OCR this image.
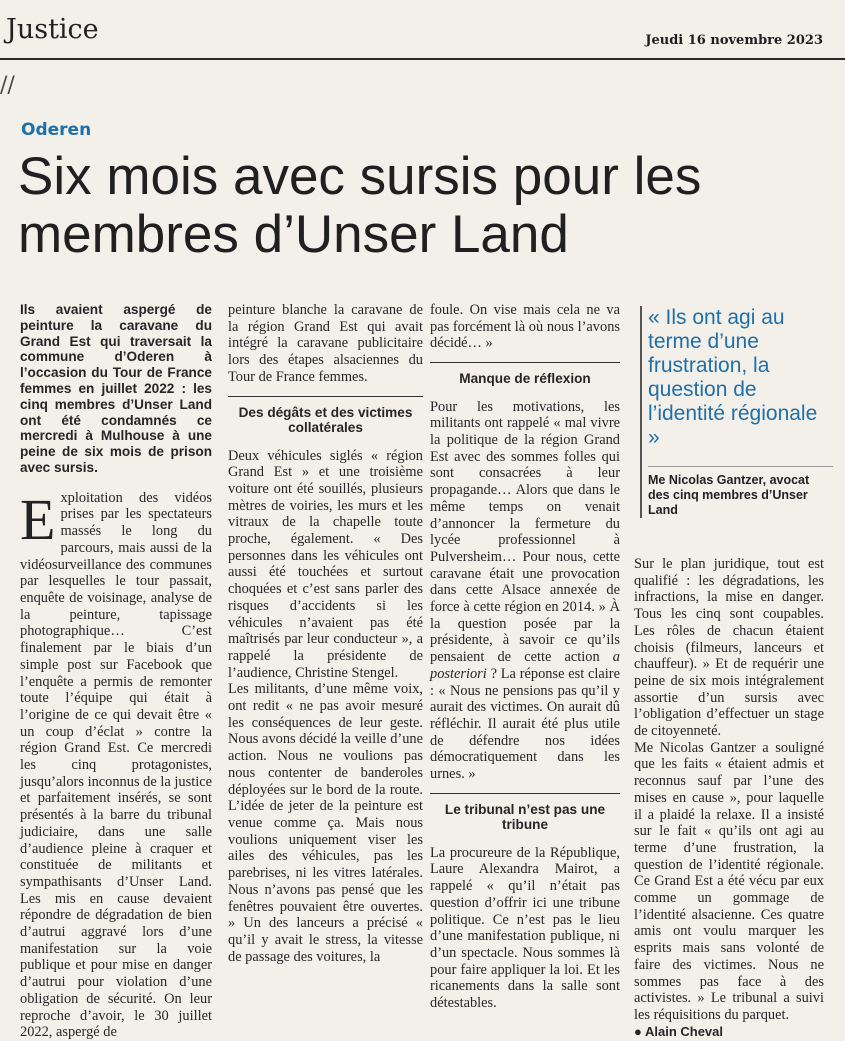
Justice	Jeudi 16 novembre 2023
//
Oderen
Six mois avec sursis pour les membres d’Unser Land

Ils avaient aspergé de peinture la caravane du Grand Est qui traversait la commune d’Oderen à l’occasion du Tour de France femmes en juillet 2022 : les cinq membres d’Unser Land ont été condamnés ce mercredi à Mulhouse à une peine de six mois de prison avec sursis.

Exploitation des vidéos prises par les spectateurs massés le long du parcours, mais aussi de la vidéosurveillance des communes par lesquelles le tour passait, enquête de voisinage, analyse de la peinture, tapissage photographique… C’est finalement par le biais d’un simple post sur Facebook que l’enquête a permis de remonter toute l’équipe qui était à l’origine de ce qui devait être « un coup d’éclat » contre la région Grand Est. Ce mercredi les cinq protagonistes, jusqu’alors inconnus de la justice et parfaitement insérés, se sont présentés à la barre du tribunal judiciaire, dans une salle d’audience pleine à craquer et constituée de militants et sympathisants d’Unser Land. Les mis en cause devaient répondre de dégradation de bien d’autrui aggravé lors d’une manifestation sur la voie publique et pour mise en danger d’autrui pour violation d’une obligation de sécurité. On leur reproche d’avoir, le 30 juillet 2022, aspergé de

peinture blanche la caravane de la région Grand Est qui avait intégré la caravane publicitaire lors des étapes alsaciennes du Tour de France femmes.

Des dégâts et des victimes collatérales

Deux véhicules siglés « région Grand Est » et une troisième voiture ont été souillés, plusieurs mètres de voiries, les murs et les vitraux de la chapelle toute proche, également. « Des personnes dans les véhicules ont aussi été touchées et surtout choquées et c’est sans parler des risques d’accidents si les véhicules n’avaient pas été maîtrisés par leur conducteur », a rappelé la présidente de l’audience, Christine Stengel.

Les militants, d’une même voix, ont redit « ne pas avoir mesuré les conséquences de leur geste. Nous avons décidé la veille d’une action. Nous ne voulions pas nous contenter de banderoles déployées sur le bord de la route. L’idée de jeter de la peinture est venue comme ça. Mais nous voulions uniquement viser les ailes des véhicules, pas les parebrises, ni les vitres latérales. Nous n’avons pas pensé que les fenêtres pouvaient être ouvertes. » Un des lanceurs a précisé « qu’il y avait le stress, la vitesse de passage des voitures, la

foule. On vise mais cela ne va pas forcément là où nous l’avons décidé… »

Manque de réflexion

Pour les motivations, les militants ont rappelé « mal vivre la politique de la région Grand Est avec des sommes folles qui sont consacrées à leur propagande… Alors que dans le même temps on venait d’annoncer la fermeture du lycée professionnel à Pulversheim… Pour nous, cette caravane était une provocation dans cette Alsace annexée de force à cette région en 2014. » À la question posée par la présidente, à savoir ce qu’ils pensaient de cette action a posteriori ? La réponse est claire : « Nous ne pensions pas qu’il y aurait des victimes. On aurait dû réfléchir. Il aurait été plus utile de défendre nos idées démocratiquement dans les urnes. »

Le tribunal n’est pas une tribune

La procureure de la République, Laure Alexandra Mairot, a rappelé « qu’il n’était pas question d’offrir ici une tribune politique. Ce n’est pas le lieu d’une manifestation publique, ni d’un spectacle. Nous sommes là pour faire appliquer la loi. Et les ricanements dans la salle sont détestables.

« Ils ont agi au terme d’une frustration, la question de l’identité régionale »

Me Nicolas Gantzer, avocat des cinq membres d’Unser Land

Sur le plan juridique, tout est qualifié : les dégradations, les infractions, la mise en danger. Tous les cinq sont coupables. Les rôles de chacun étaient choisis (filmeurs, lanceurs et chauffeur). » Et de requérir une peine de six mois intégralement assortie d’un sursis avec l’obligation d’effectuer un stage de citoyenneté.

Me Nicolas Gantzer a souligné que les faits « étaient admis et reconnus sauf par l’une des mises en cause », pour laquelle il a plaidé la relaxe. Il a insisté sur le fait « qu’ils ont agi au terme d’une frustration, la question de l’identité régionale. Ce Grand Est a été vécu par eux comme un gommage de l’identité alsacienne. Ces quatre amis ont voulu marquer les esprits mais sans volonté de faire des victimes. Nous ne sommes pas face à des activistes. » Le tribunal a suivi les réquisitions du parquet.

● Alain Cheval
